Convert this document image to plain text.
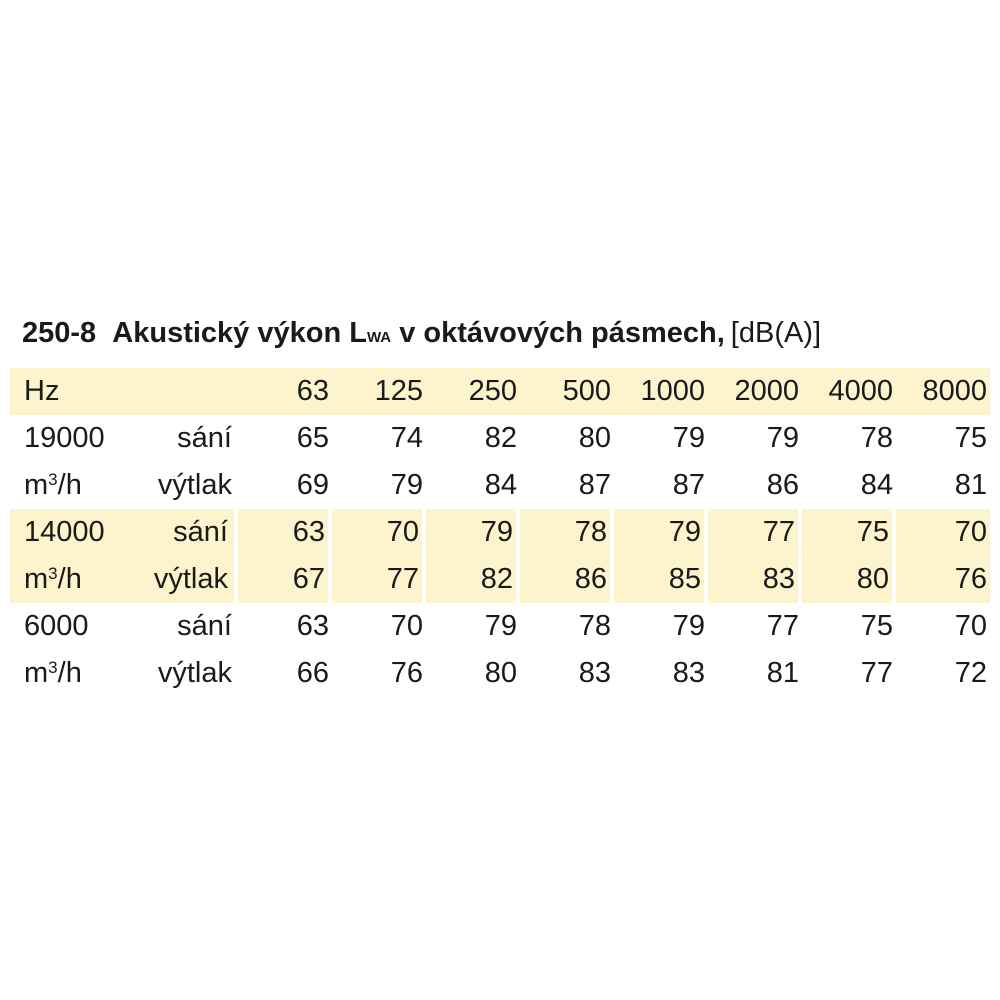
250-8 Akustický výkon LWA v oktávových pásmech, [dB(A)]
Hz		63	125	250	500	1000	2000	4000	8000
19000	sání	65	74	82	80	79	79	78	75
$m^3/h$	výtlak	69	79	84	87	87	86	84	81
14000	sání	63	70	79	78	79	77	75	70
$m^3/h$	výtlak	67	77	82	86	85	83	80	76
6000	sání	63	70	79	78	79	77	75	70
$m^3/h$	výtlak	66	76	80	83	83	81	77	72
